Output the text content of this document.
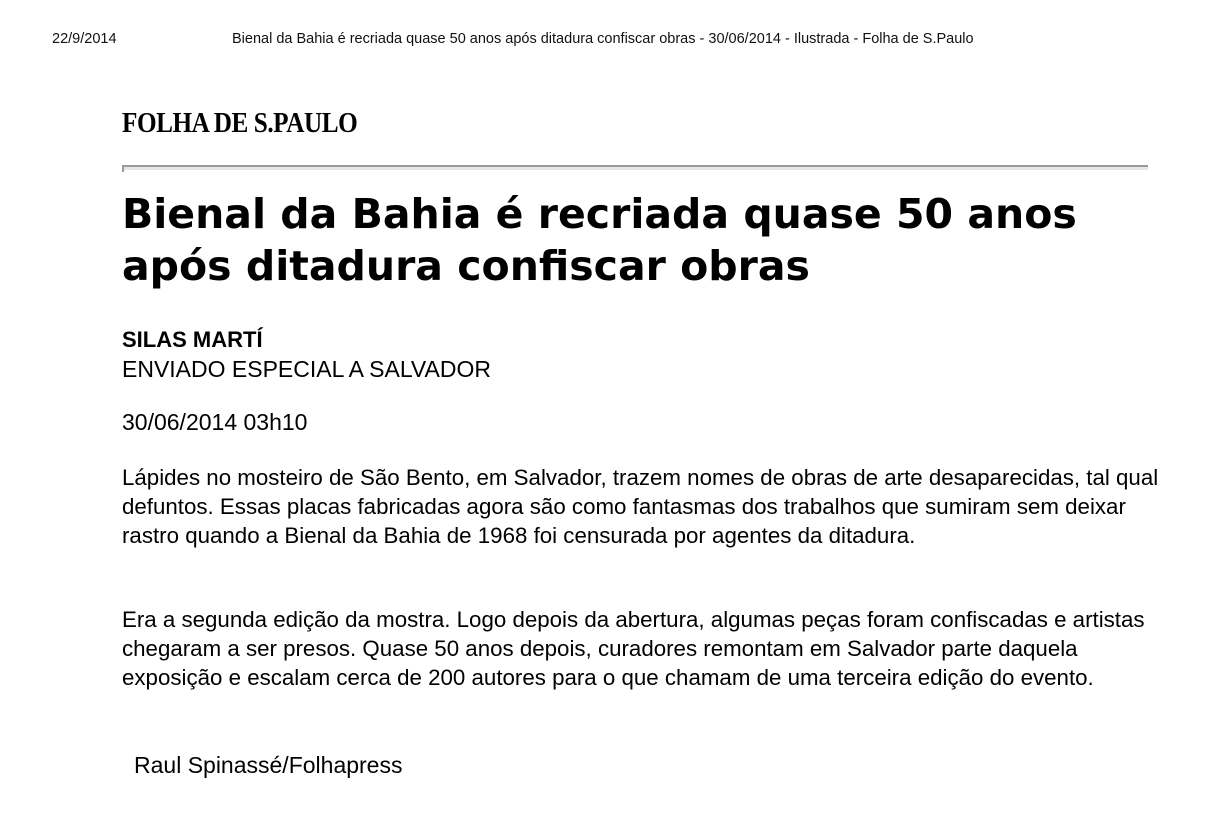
22/9/2014	Bienal da Bahia é recriada quase 50 anos após ditadura confiscar obras - 30/06/2014 - Ilustrada - Folha de S.Paulo
FOLHA DE S.PAULO
Bienal da Bahia é recriada quase 50 anos após ditadura confiscar obras
SILAS MARTÍ
ENVIADO ESPECIAL A SALVADOR
30/06/2014 03h10

Lápides no mosteiro de São Bento, em Salvador, trazem nomes de obras de arte desaparecidas, tal qual defuntos. Essas placas fabricadas agora são como fantasmas dos trabalhos que sumiram sem deixar rastro quando a Bienal da Bahia de 1968 foi censurada por agentes da ditadura.

Era a segunda edição da mostra. Logo depois da abertura, algumas peças foram confiscadas e artistas chegaram a ser presos. Quase 50 anos depois, curadores remontam em Salvador parte daquela exposição e escalam cerca de 200 autores para o que chamam de uma terceira edição do evento.

Raul Spinassé/Folhapress
